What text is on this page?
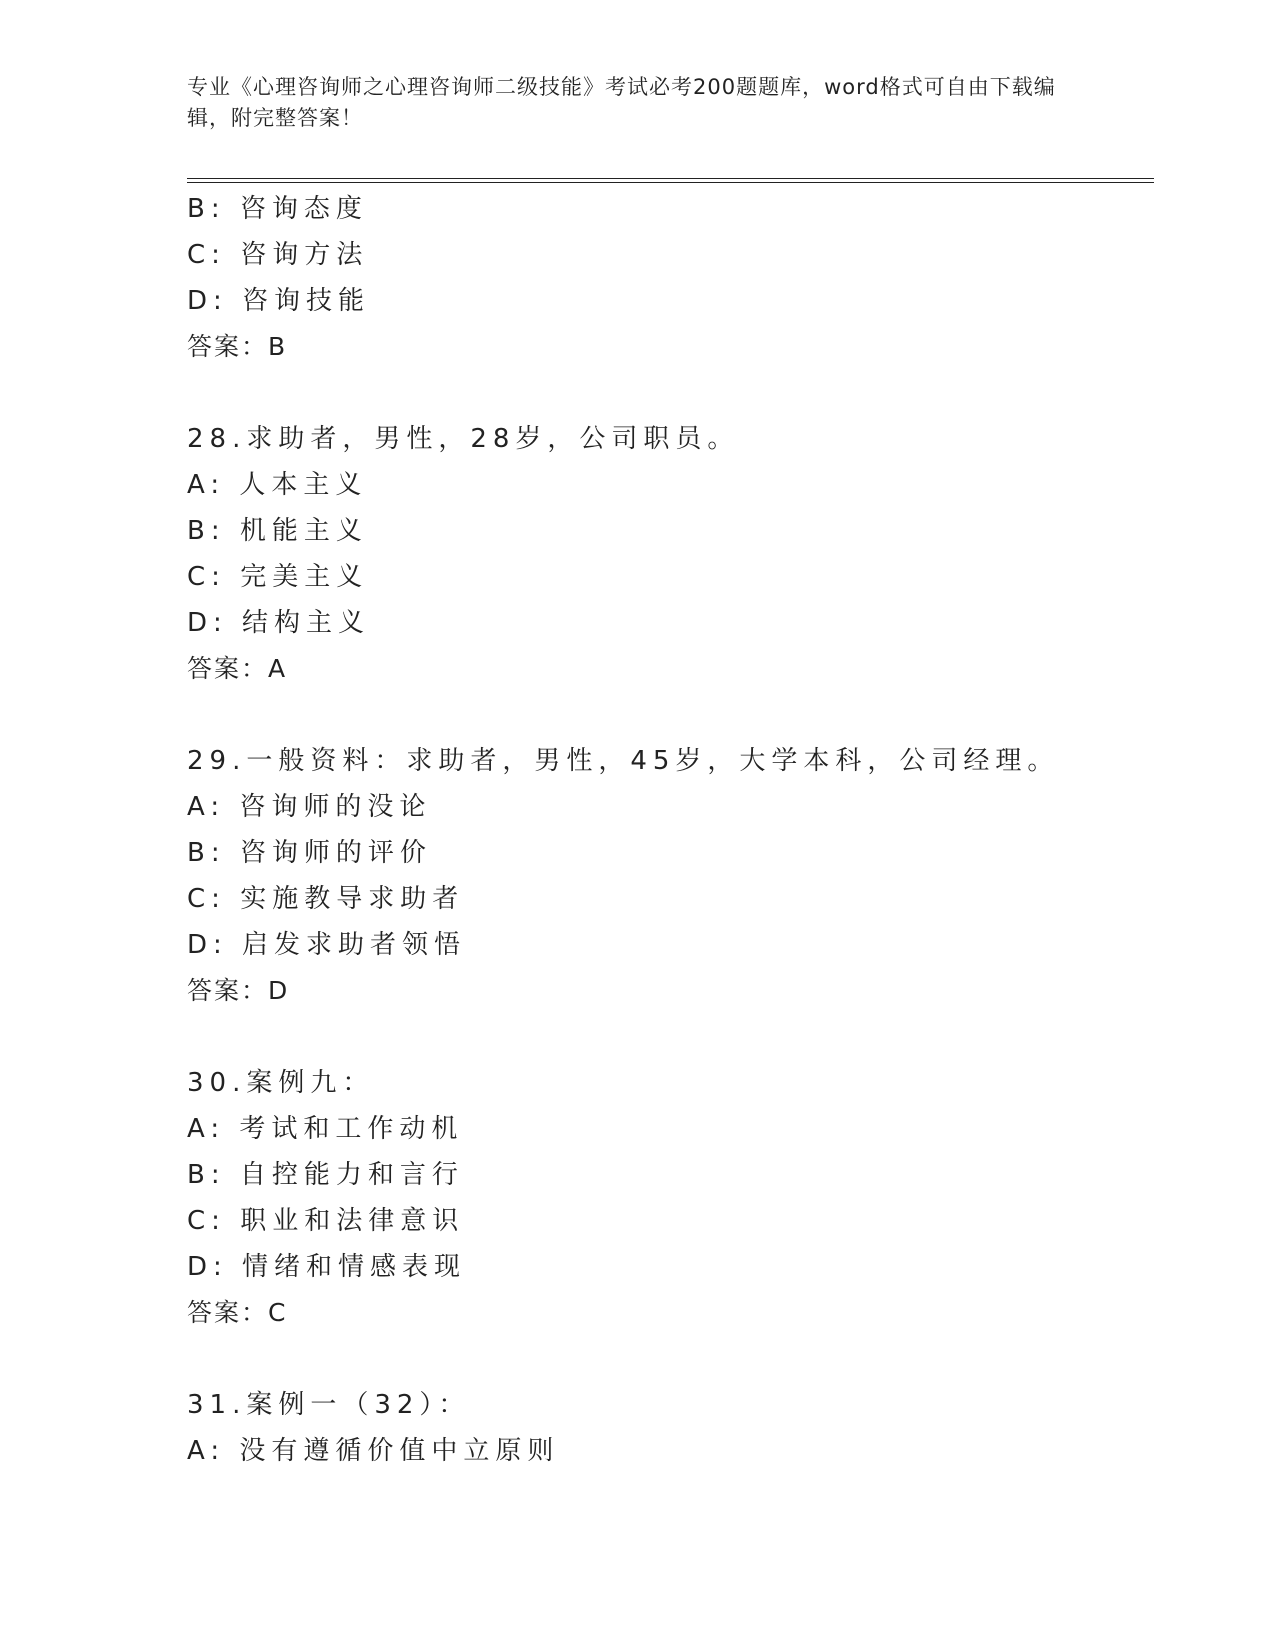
专业《心理咨询师之心理咨询师二级技能》考试必考200题题库，word格式可自由下载编辑，附完整答案！
B: 咨询态度
C: 咨询方法
D: 咨询技能
答案：B
28.求助者，男性，28岁，公司职员。
A: 人本主义
B: 机能主义
C: 完美主义
D: 结构主义
答案：A
29.一般资料：求助者，男性，45岁，大学本科，公司经理。
A: 咨询师的没论
B: 咨询师的评价
C: 实施教导求助者
D: 启发求助者领悟
答案：D
30.案例九：
A: 考试和工作动机
B: 自控能力和言行
C: 职业和法律意识
D: 情绪和情感表现
答案：C
31.案例一（32）：
A: 没有遵循价值中立原则
